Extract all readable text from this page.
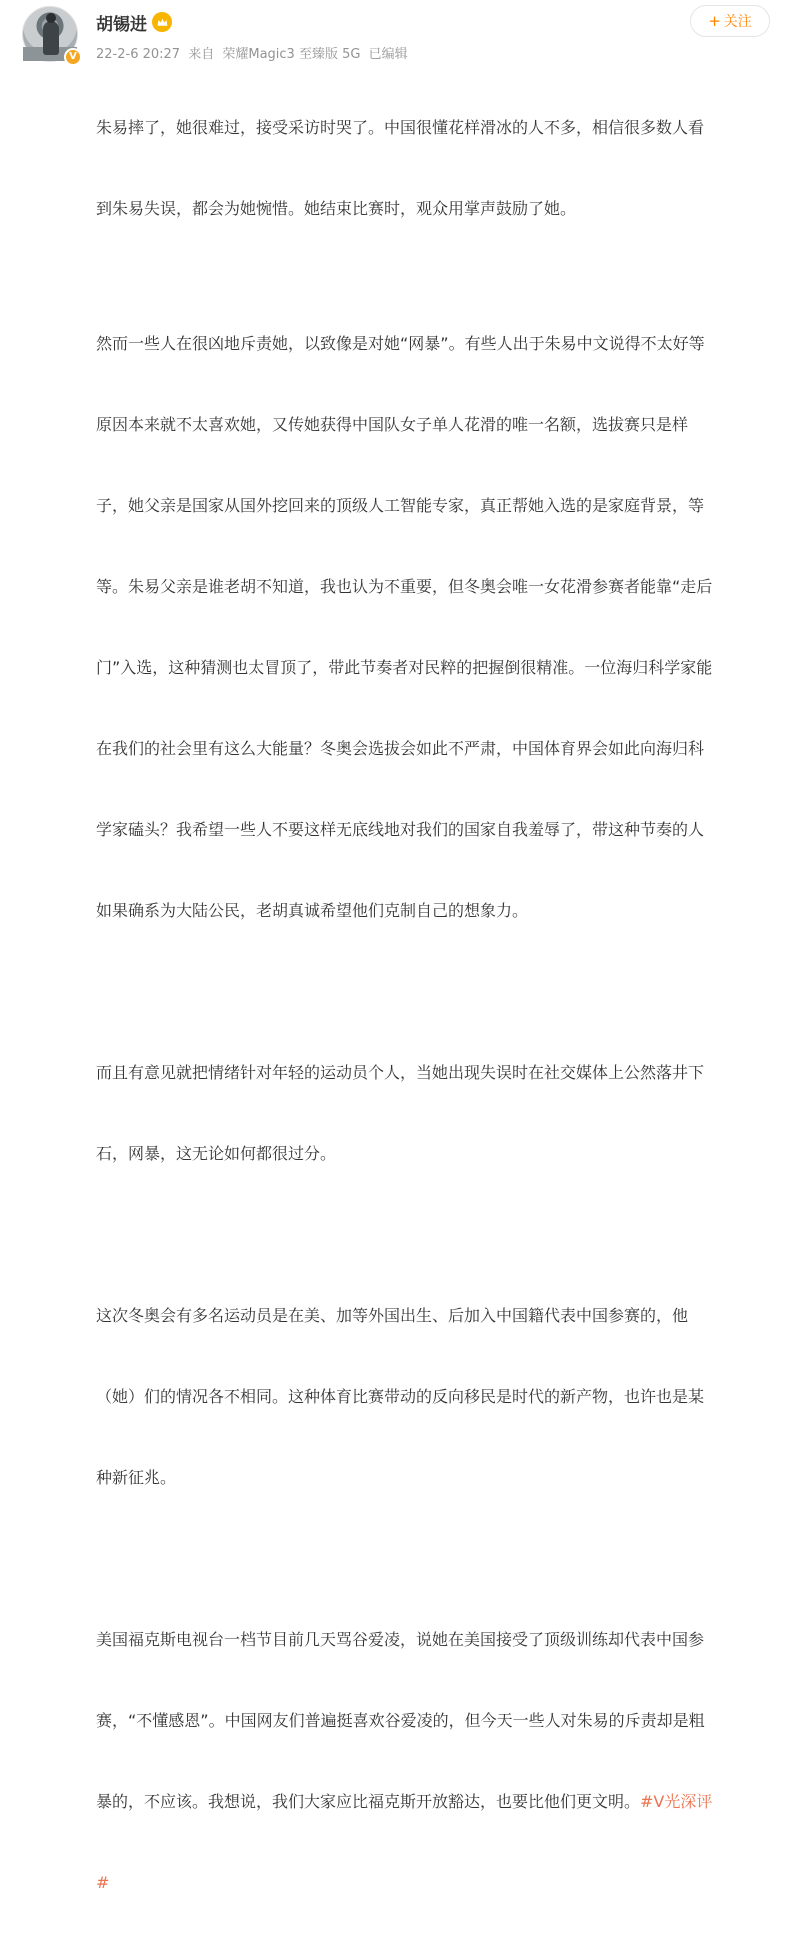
V
胡锡进
22-2-6 20:27 来自 荣耀Magic3 至臻版 5G 已编辑
+ 关注

朱易摔了，她很难过，接受采访时哭了。中国很懂花样滑冰的人不多，相信很多数人看

到朱易失误，都会为她惋惜。她结束比赛时，观众用掌声鼓励了她。

然而一些人在很凶地斥责她，以致像是对她“网暴”。有些人出于朱易中文说得不太好等

原因本来就不太喜欢她，又传她获得中国队女子单人花滑的唯一名额，选拔赛只是样

子，她父亲是国家从国外挖回来的顶级人工智能专家，真正帮她入选的是家庭背景，等

等。朱易父亲是谁老胡不知道，我也认为不重要，但冬奥会唯一女花滑参赛者能靠“走后

门”入选，这种猜测也太冒顶了，带此节奏者对民粹的把握倒很精准。一位海归科学家能

在我们的社会里有这么大能量？冬奥会选拔会如此不严肃，中国体育界会如此向海归科

学家磕头？我希望一些人不要这样无底线地对我们的国家自我羞辱了，带这种节奏的人

如果确系为大陆公民，老胡真诚希望他们克制自己的想象力。

而且有意见就把情绪针对年轻的运动员个人，当她出现失误时在社交媒体上公然落井下

石，网暴，这无论如何都很过分。

这次冬奥会有多名运动员是在美、加等外国出生、后加入中国籍代表中国参赛的，他

（她）们的情况各不相同。这种体育比赛带动的反向移民是时代的新产物，也许也是某

种新征兆。

美国福克斯电视台一档节目前几天骂谷爱凌，说她在美国接受了顶级训练却代表中国参

赛，“不懂感恩”。中国网友们普遍挺喜欢谷爱凌的，但今天一些人对朱易的斥责却是粗

暴的，不应该。我想说，我们大家应比福克斯开放豁达，也要比他们更文明。#V光深评

#
